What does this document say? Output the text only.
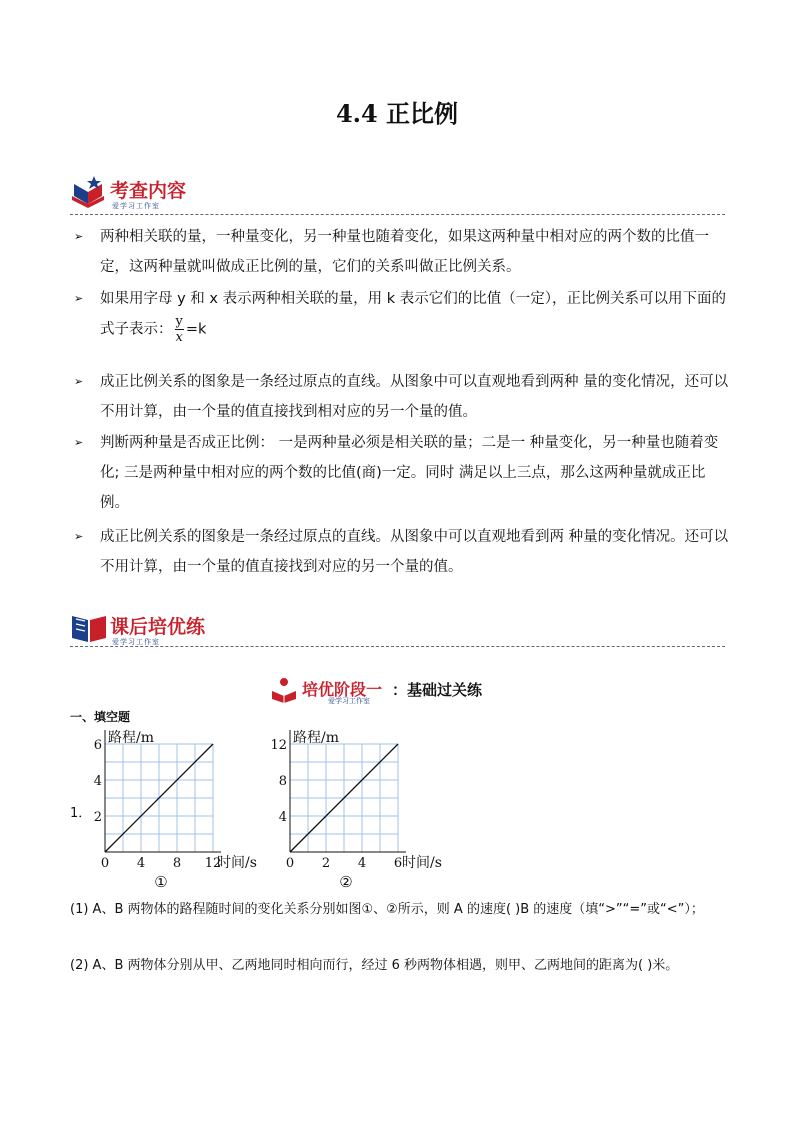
4.4 正比例
考查内容
爱学习工作室
➢ 两种相关联的量，一种量变化，另一种量也随着变化，如果这两种量中相对应的两个数的比值一定，这两种量就叫做成正比例的量，它们的关系叫做正比例关系。
➢ 如果用字母 y 和 x 表示两种相关联的量，用 k 表示它们的比值（一定），正比例关系可以用下面的式子表示： $\frac{y}{x} =k$
➢ 成正比例关系的图象是一条经过原点的直线。从图象中可以直观地看到两种 量的变化情况，还可以不用计算，由一个量的值直接找到相对应的另一个量的值。
➢ 判断两种量是否成正比例： 一是两种量必须是相关联的量；二是一 种量变化，另一种量也随着变化; 三是两种量中相对应的两个数的比值(商)一定。同时 满足以上三点，那么这两种量就成正比例。
➢ 成正比例关系的图象是一条经过原点的直线。从图象中可以直观地看到两 种量的变化情况。还可以不用计算，由一个量的值直接找到对应的另一个量的值。
课后培优练
爱学习工作室
培优阶段一
爱学习工作室
： 基础过关练
一、填空题
1．
路程/m
时间/s
0 4 8 12
2
4
6
①
路程/m
时间/s
0 2 4 6
4
8
12
②
(1) A、B 两物体的路程随时间的变化关系分别如图①、②所示，则 A 的速度( )B 的速度（填“>”“=”或“<”）；
(2) A、B 两物体分别从甲、乙两地同时相向而行，经过 6 秒两物体相遇，则甲、乙两地间的距离为( )米。
